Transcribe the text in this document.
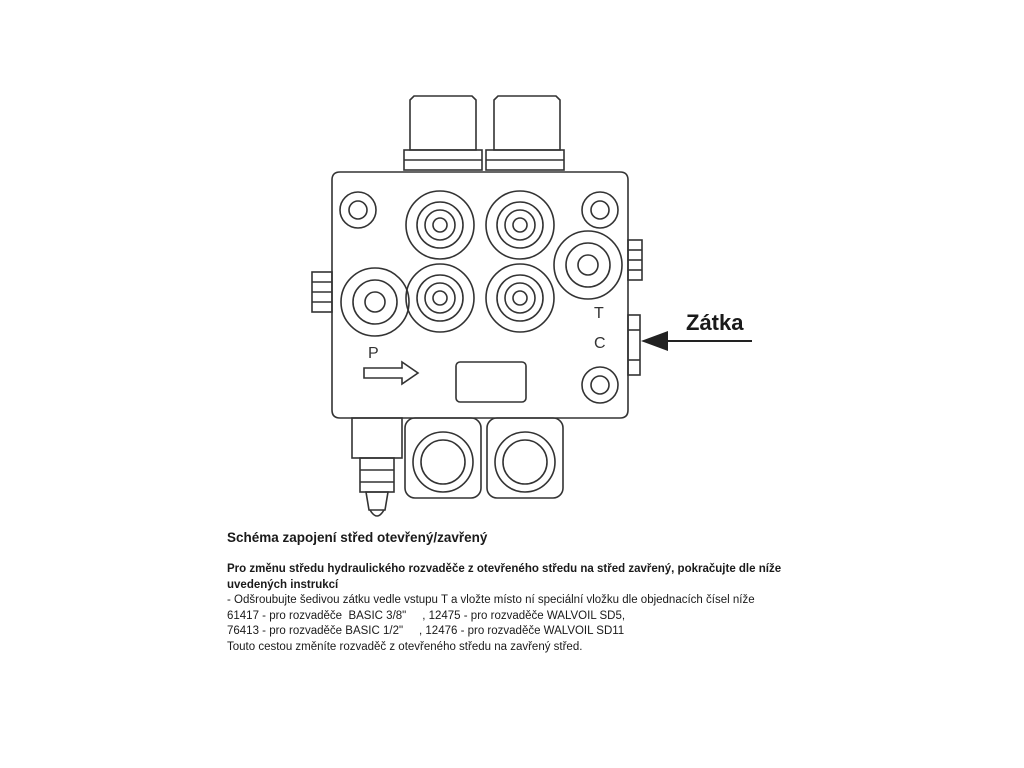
P
T
C
Zátka
Schéma zapojení střed otevřený/zavřený
Pro změnu středu hydraulického rozvaděče z otevřeného středu na střed zavřený, pokračujte dle níže uvedených instrukcí
- Odšroubujte šedivou zátku vedle vstupu T a vložte místo ní speciální vložku dle objednacích čísel níže
61417 - pro rozvaděče  BASIC 3/8"     , 12475 - pro rozvaděče WALVOIL SD5,
76413 - pro rozvaděče BASIC 1/2"     , 12476 - pro rozvaděče WALVOIL SD11
Touto cestou změníte rozvaděč z otevřeného středu na zavřený střed.
